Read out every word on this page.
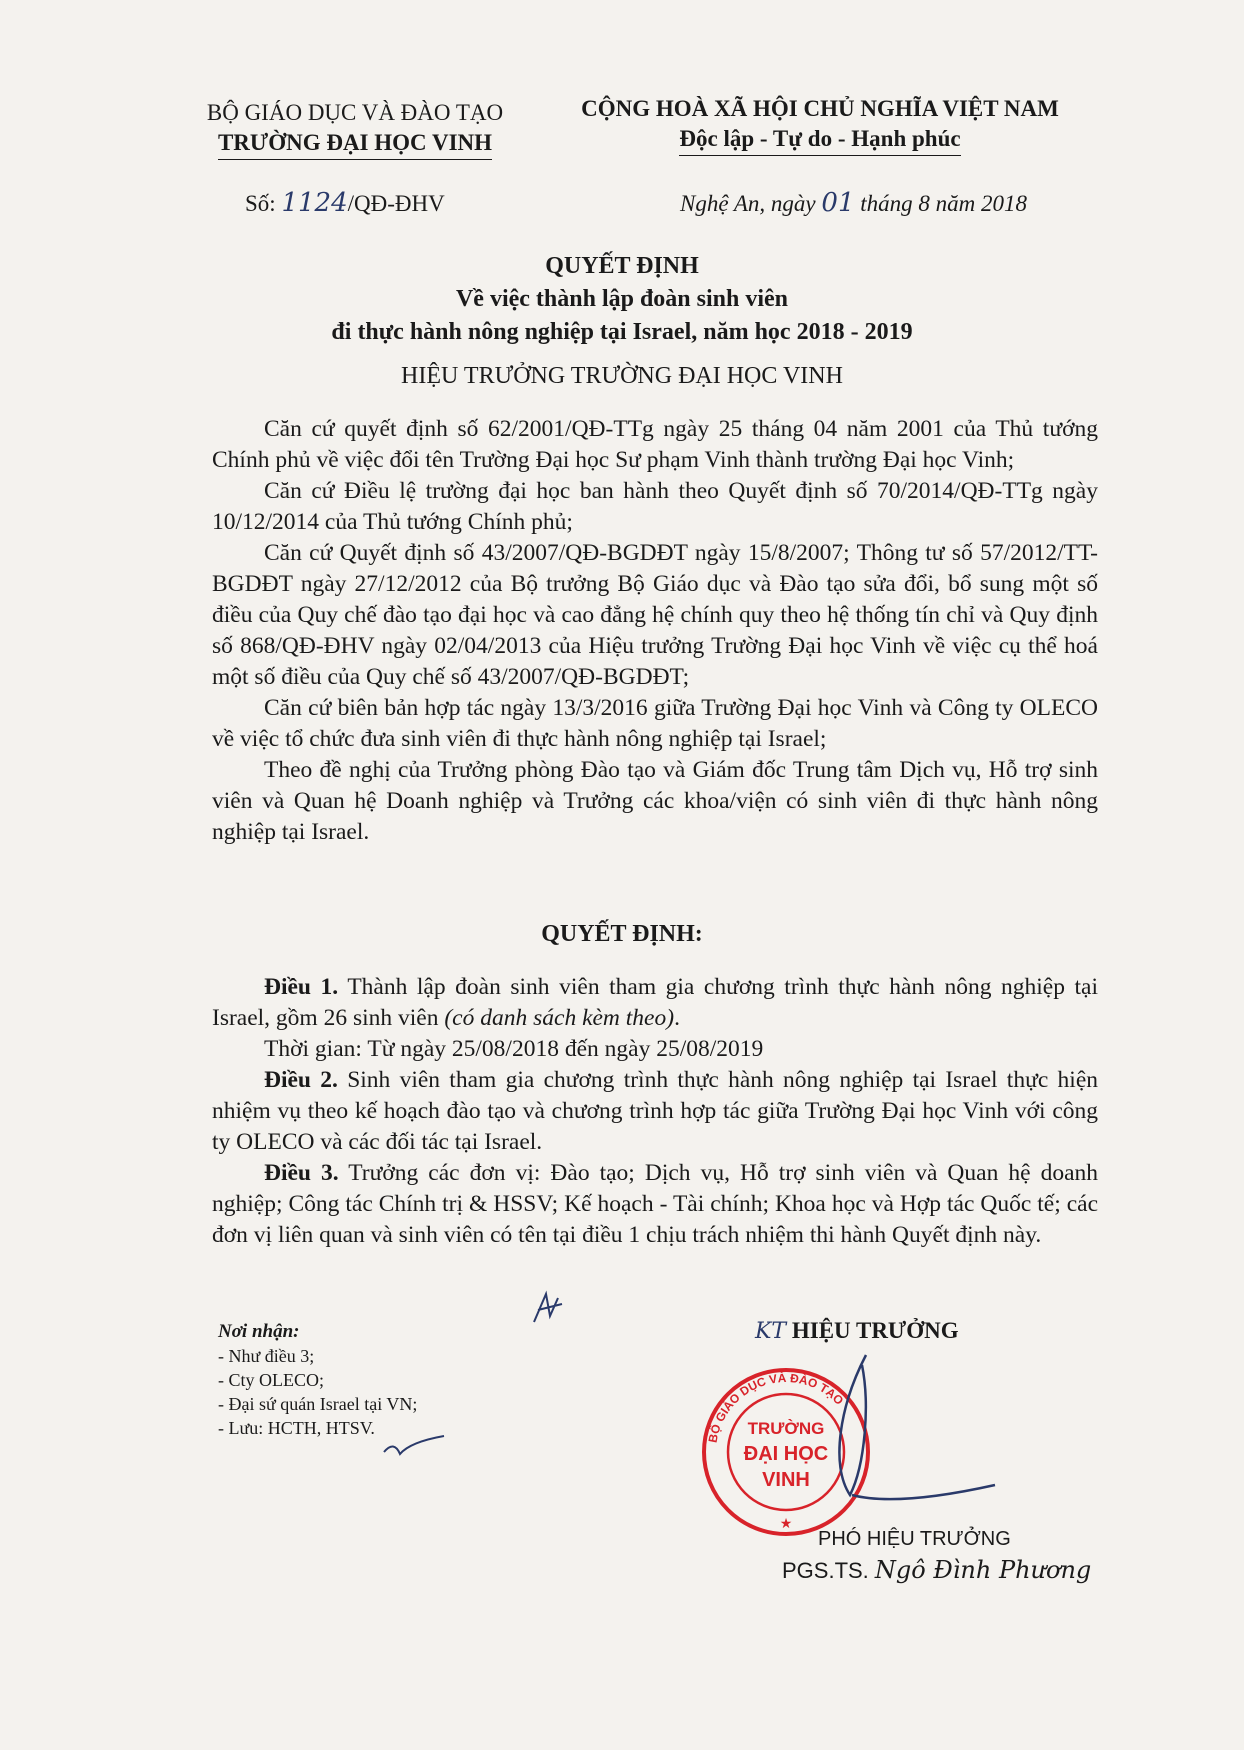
BỘ GIÁO DỤC VÀ ĐÀO TẠO
TRƯỜNG ĐẠI HỌC VINH
CỘNG HOÀ XÃ HỘI CHỦ NGHĨA VIỆT NAM
Độc lập - Tự do - Hạnh phúc
Số: 1124/QĐ-ĐHV	Nghệ An, ngày 01 tháng 8 năm 2018
QUYẾT ĐỊNH
Về việc thành lập đoàn sinh viên
đi thực hành nông nghiệp tại Israel, năm học 2018 - 2019
HIỆU TRƯỞNG TRƯỜNG ĐẠI HỌC VINH

Căn cứ quyết định số 62/2001/QĐ-TTg ngày 25 tháng 04 năm 2001 của Thủ tướng Chính phủ về việc đổi tên Trường Đại học Sư phạm Vinh thành trường Đại học Vinh;

Căn cứ Điều lệ trường đại học ban hành theo Quyết định số 70/2014/QĐ-TTg ngày 10/12/2014 của Thủ tướng Chính phủ;

Căn cứ Quyết định số 43/2007/QĐ-BGDĐT ngày 15/8/2007; Thông tư số 57/2012/TT-BGDĐT ngày 27/12/2012 của Bộ trưởng Bộ Giáo dục và Đào tạo sửa đổi, bổ sung một số điều của Quy chế đào tạo đại học và cao đẳng hệ chính quy theo hệ thống tín chỉ và Quy định số 868/QĐ-ĐHV ngày 02/04/2013 của Hiệu trưởng Trường Đại học Vinh về việc cụ thể hoá một số điều của Quy chế số 43/2007/QĐ-BGDĐT;

Căn cứ biên bản hợp tác ngày 13/3/2016 giữa Trường Đại học Vinh và Công ty OLECO về việc tổ chức đưa sinh viên đi thực hành nông nghiệp tại Israel;

Theo đề nghị của Trưởng phòng Đào tạo và Giám đốc Trung tâm Dịch vụ, Hỗ trợ sinh viên và Quan hệ Doanh nghiệp và Trưởng các khoa/viện có sinh viên đi thực hành nông nghiệp tại Israel.

QUYẾT ĐỊNH:

Điều 1. Thành lập đoàn sinh viên tham gia chương trình thực hành nông nghiệp tại Israel, gồm 26 sinh viên (có danh sách kèm theo).

Thời gian: Từ ngày 25/08/2018 đến ngày 25/08/2019

Điều 2. Sinh viên tham gia chương trình thực hành nông nghiệp tại Israel thực hiện nhiệm vụ theo kế hoạch đào tạo và chương trình hợp tác giữa Trường Đại học Vinh với công ty OLECO và các đối tác tại Israel.

Điều 3. Trưởng các đơn vị: Đào tạo; Dịch vụ, Hỗ trợ sinh viên và Quan hệ doanh nghiệp; Công tác Chính trị & HSSV; Kế hoạch - Tài chính; Khoa học và Hợp tác Quốc tế; các đơn vị liên quan và sinh viên có tên tại điều 1 chịu trách nhiệm thi hành Quyết định này.

Nơi nhận:
- Như điều 3;
- Cty OLECO;
- Đại sứ quán Israel tại VN;
- Lưu: HCTH, HTSV.
KT HIỆU TRƯỞNG
BỘ GIÁO DỤC VÀ ĐÀO TẠO
TRƯỜNG
ĐẠI HỌC
VINH
★
PHÓ HIỆU TRƯỞNG
PGS.TS. Ngô Đình Phương
